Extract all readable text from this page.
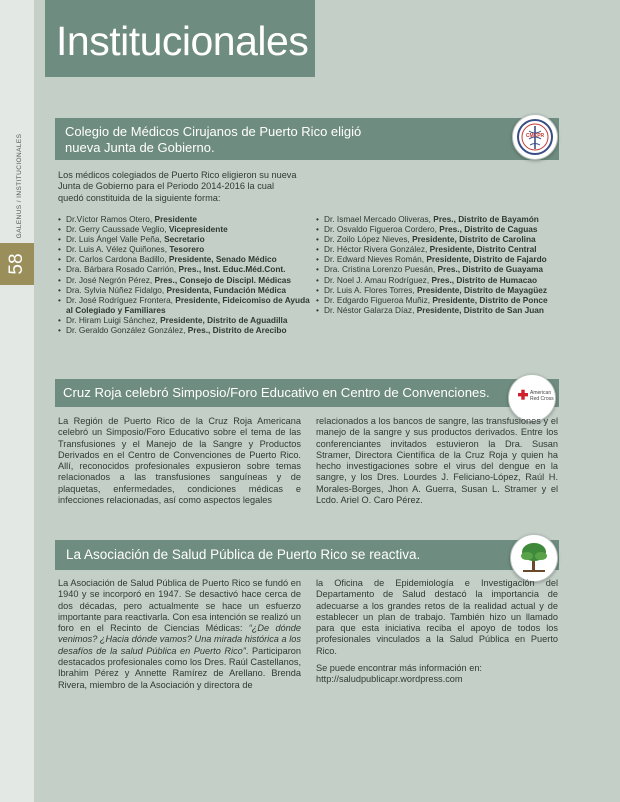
GALENUS / INSTITUCIONALES
58
Institucionales
Colegio de Médicos Cirujanos de Puerto Rico eligió
nueva Junta de Gobierno.
CMCPR

Los médicos colegiados de Puerto Rico eligieron su nueva Junta de Gobierno para el Periodo 2014-2016 la cual quedó constituida de la siguiente forma:

• Dr.Víctor Ramos Otero, Presidente
• Dr. Gerry Caussade Veglio, Vicepresidente
• Dr. Luis Ángel Valle Peña, Secretario
• Dr. Luis A. Vélez Quiñones, Tesorero
• Dr. Carlos Cardona Badillo, Presidente, Senado Médico
• Dra. Bárbara Rosado Carrión, Pres., Inst. Educ.Méd.Cont.
• Dr. José Negrón Pérez, Pres., Consejo de Discipl. Médicas
• Dra. Sylvia Núñez Fidalgo, Presidenta, Fundación Médica
• Dr. José Rodríguez Frontera, Presidente, Fideicomiso de Ayuda al Colegiado y Familiares
• Dr. Hiram Luigi Sánchez, Presidente, Distrito de Aguadilla
• Dr. Geraldo González González, Pres., Distrito de Arecibo
• Dr. Ismael Mercado Oliveras, Pres., Distrito de Bayamón
• Dr. Osvaldo Figueroa Cordero, Pres., Distrito de Caguas
• Dr. Zoilo López Nieves, Presidente, Distrito de Carolina
• Dr. Héctor Rivera González, Presidente, Distrito Central
• Dr. Edward Nieves Román, Presidente, Distrito de Fajardo
• Dra. Cristina Lorenzo Puesán, Pres., Distrito de Guayama
• Dr. Noel J. Amau Rodríguez, Pres., Distrito de Humacao
• Dr. Luis A. Flores Torres, Presidente, Distrito de Mayagüez
• Dr. Edgardo Figueroa Muñiz, Presidente, Distrito de Ponce
• Dr. Néstor Galarza Díaz, Presidente, Distrito de San Juan
Cruz Roja celebró Simposio/Foro Educativo en Centro de Convenciones.	American
Red Cross

La Región de Puerto Rico de la Cruz Roja Americana celebró un Simposio/Foro Educativo sobre el tema de las Transfusiones y el Manejo de la Sangre y Productos Derivados en el Centro de Convenciones de Puerto Rico. Allí, reconocidos profesionales expusieron sobre temas relacionados a las transfusiones sanguíneas y de plaquetas, enfermedades, condiciones médicas e infecciones relacionadas, así como aspectos legales

relacionados a los bancos de sangre, las transfusiones y el manejo de la sangre y sus productos derivados. Entre los conferenciantes invitados estuvieron la Dra. Susan Stramer, Directora Científica de la Cruz Roja y quien ha hecho investigaciones sobre el virus del dengue en la sangre, y los Dres. Lourdes J. Feliciano-López, Raúl H. Morales-Borges, Jhon A. Guerra, Susan L. Stramer y el Lcdo. Ariel O. Caro Pérez.

La Asociación de Salud Pública de Puerto Rico se reactiva.

La Asociación de Salud Pública de Puerto Rico se fundó en 1940 y se incorporó en 1947. Se desactivó hace cerca de dos décadas, pero actualmente se hace un esfuerzo importante para reactivarla. Con esa intención se realizó un foro en el Recinto de Ciencias Médicas: “¿De dónde venimos? ¿Hacia dónde vamos? Una mirada histórica a los desafíos de la salud Pública en Puerto Rico”. Participaron destacados profesionales como los Dres. Raúl Castellanos, Ibrahim Pérez y Annette Ramírez de Arellano. Brenda Rivera, miembro de la Asociación y directora de

la Oficina de Epidemiología e Investigación del Departamento de Salud destacó la importancia de adecuarse a los grandes retos de la realidad actual y de establecer un plan de trabajo. También hizo un llamado para que esta iniciativa reciba el apoyo de todos los profesionales vinculados a la Salud Pública en Puerto Rico.

Se puede encontrar más información en:
http://saludpublicapr.wordpress.com
